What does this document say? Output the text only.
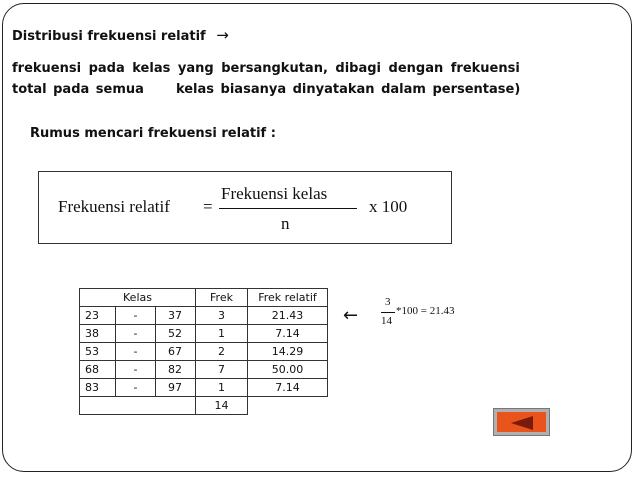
Distribusi frekuensi relatif →
frekuensi pada kelas yang bersangkutan, dibagi dengan frekuensi
total pada semua kelas biasanya dinyatakan dalam persentase)
Rumus mencari frekuensi relatif :
Frekuensi relatif =
Frekuensi kelas
n
x 100
Kelas			Frek	Frek relatif
23	-	37	3	21.43
38	-	52	1	7.14
53	-	67	2	14.29
68	-	82	7	50.00
83	-	97	1	7.14
			14	
←
3
14
*100 = 21.43
